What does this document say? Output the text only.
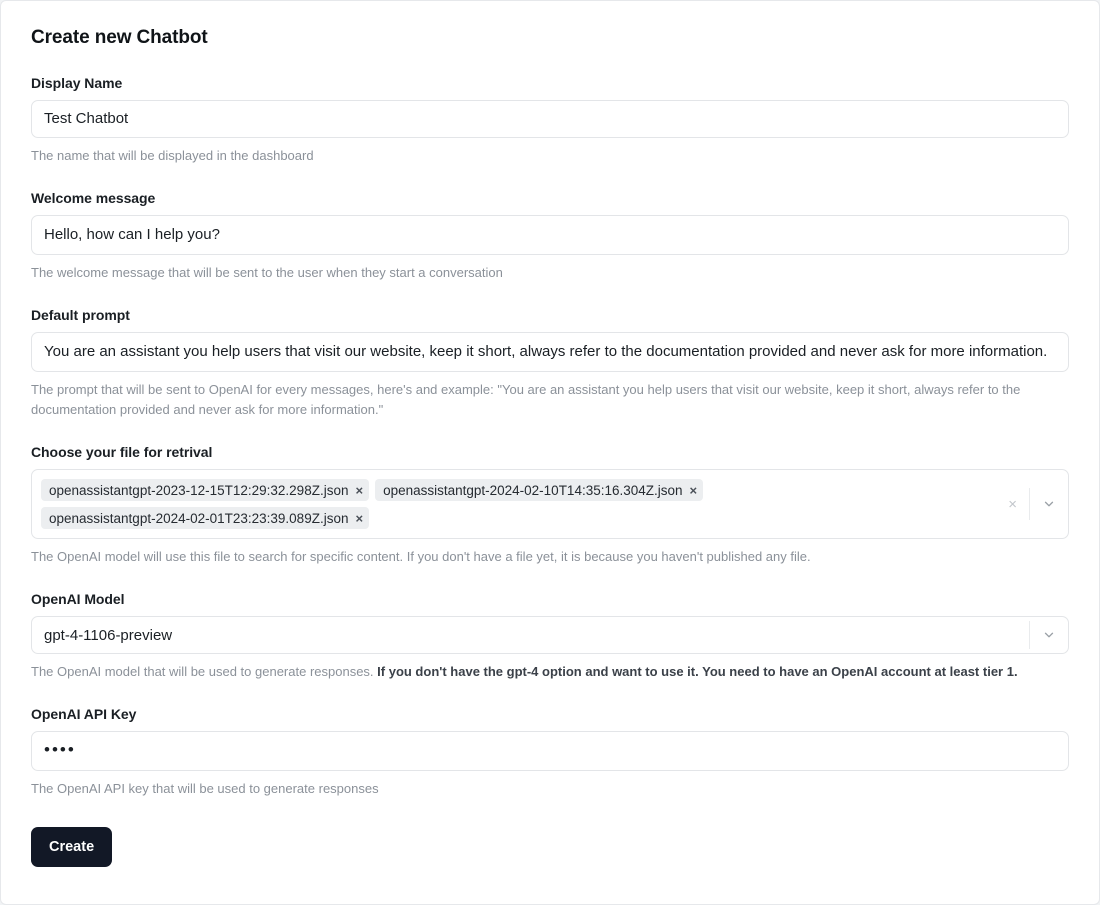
Create new Chatbot
Display Name
Test Chatbot
The name that will be displayed in the dashboard
Welcome message
Hello, how can I help you?
The welcome message that will be sent to the user when they start a conversation
Default prompt
You are an assistant you help users that visit our website, keep it short, always refer to the documentation provided and never ask for more information.
The prompt that will be sent to OpenAI for every messages, here's and example: "You are an assistant you help users that visit our website, keep it short, always refer to the documentation provided and never ask for more information."
Choose your file for retrival
openassistantgpt-2023-12-15T12:29:32.298Z.json × openassistantgpt-2024-02-10T14:35:16.304Z.json ×
openassistantgpt-2024-02-01T23:23:39.089Z.json ×
×
The OpenAI model will use this file to search for specific content. If you don't have a file yet, it is because you haven't published any file.
OpenAI Model
gpt-4-1106-preview
The OpenAI model that will be used to generate responses. If you don't have the gpt-4 option and want to use it. You need to have an OpenAI account at least tier 1.
OpenAI API Key
••••
The OpenAI API key that will be used to generate responses
Create
